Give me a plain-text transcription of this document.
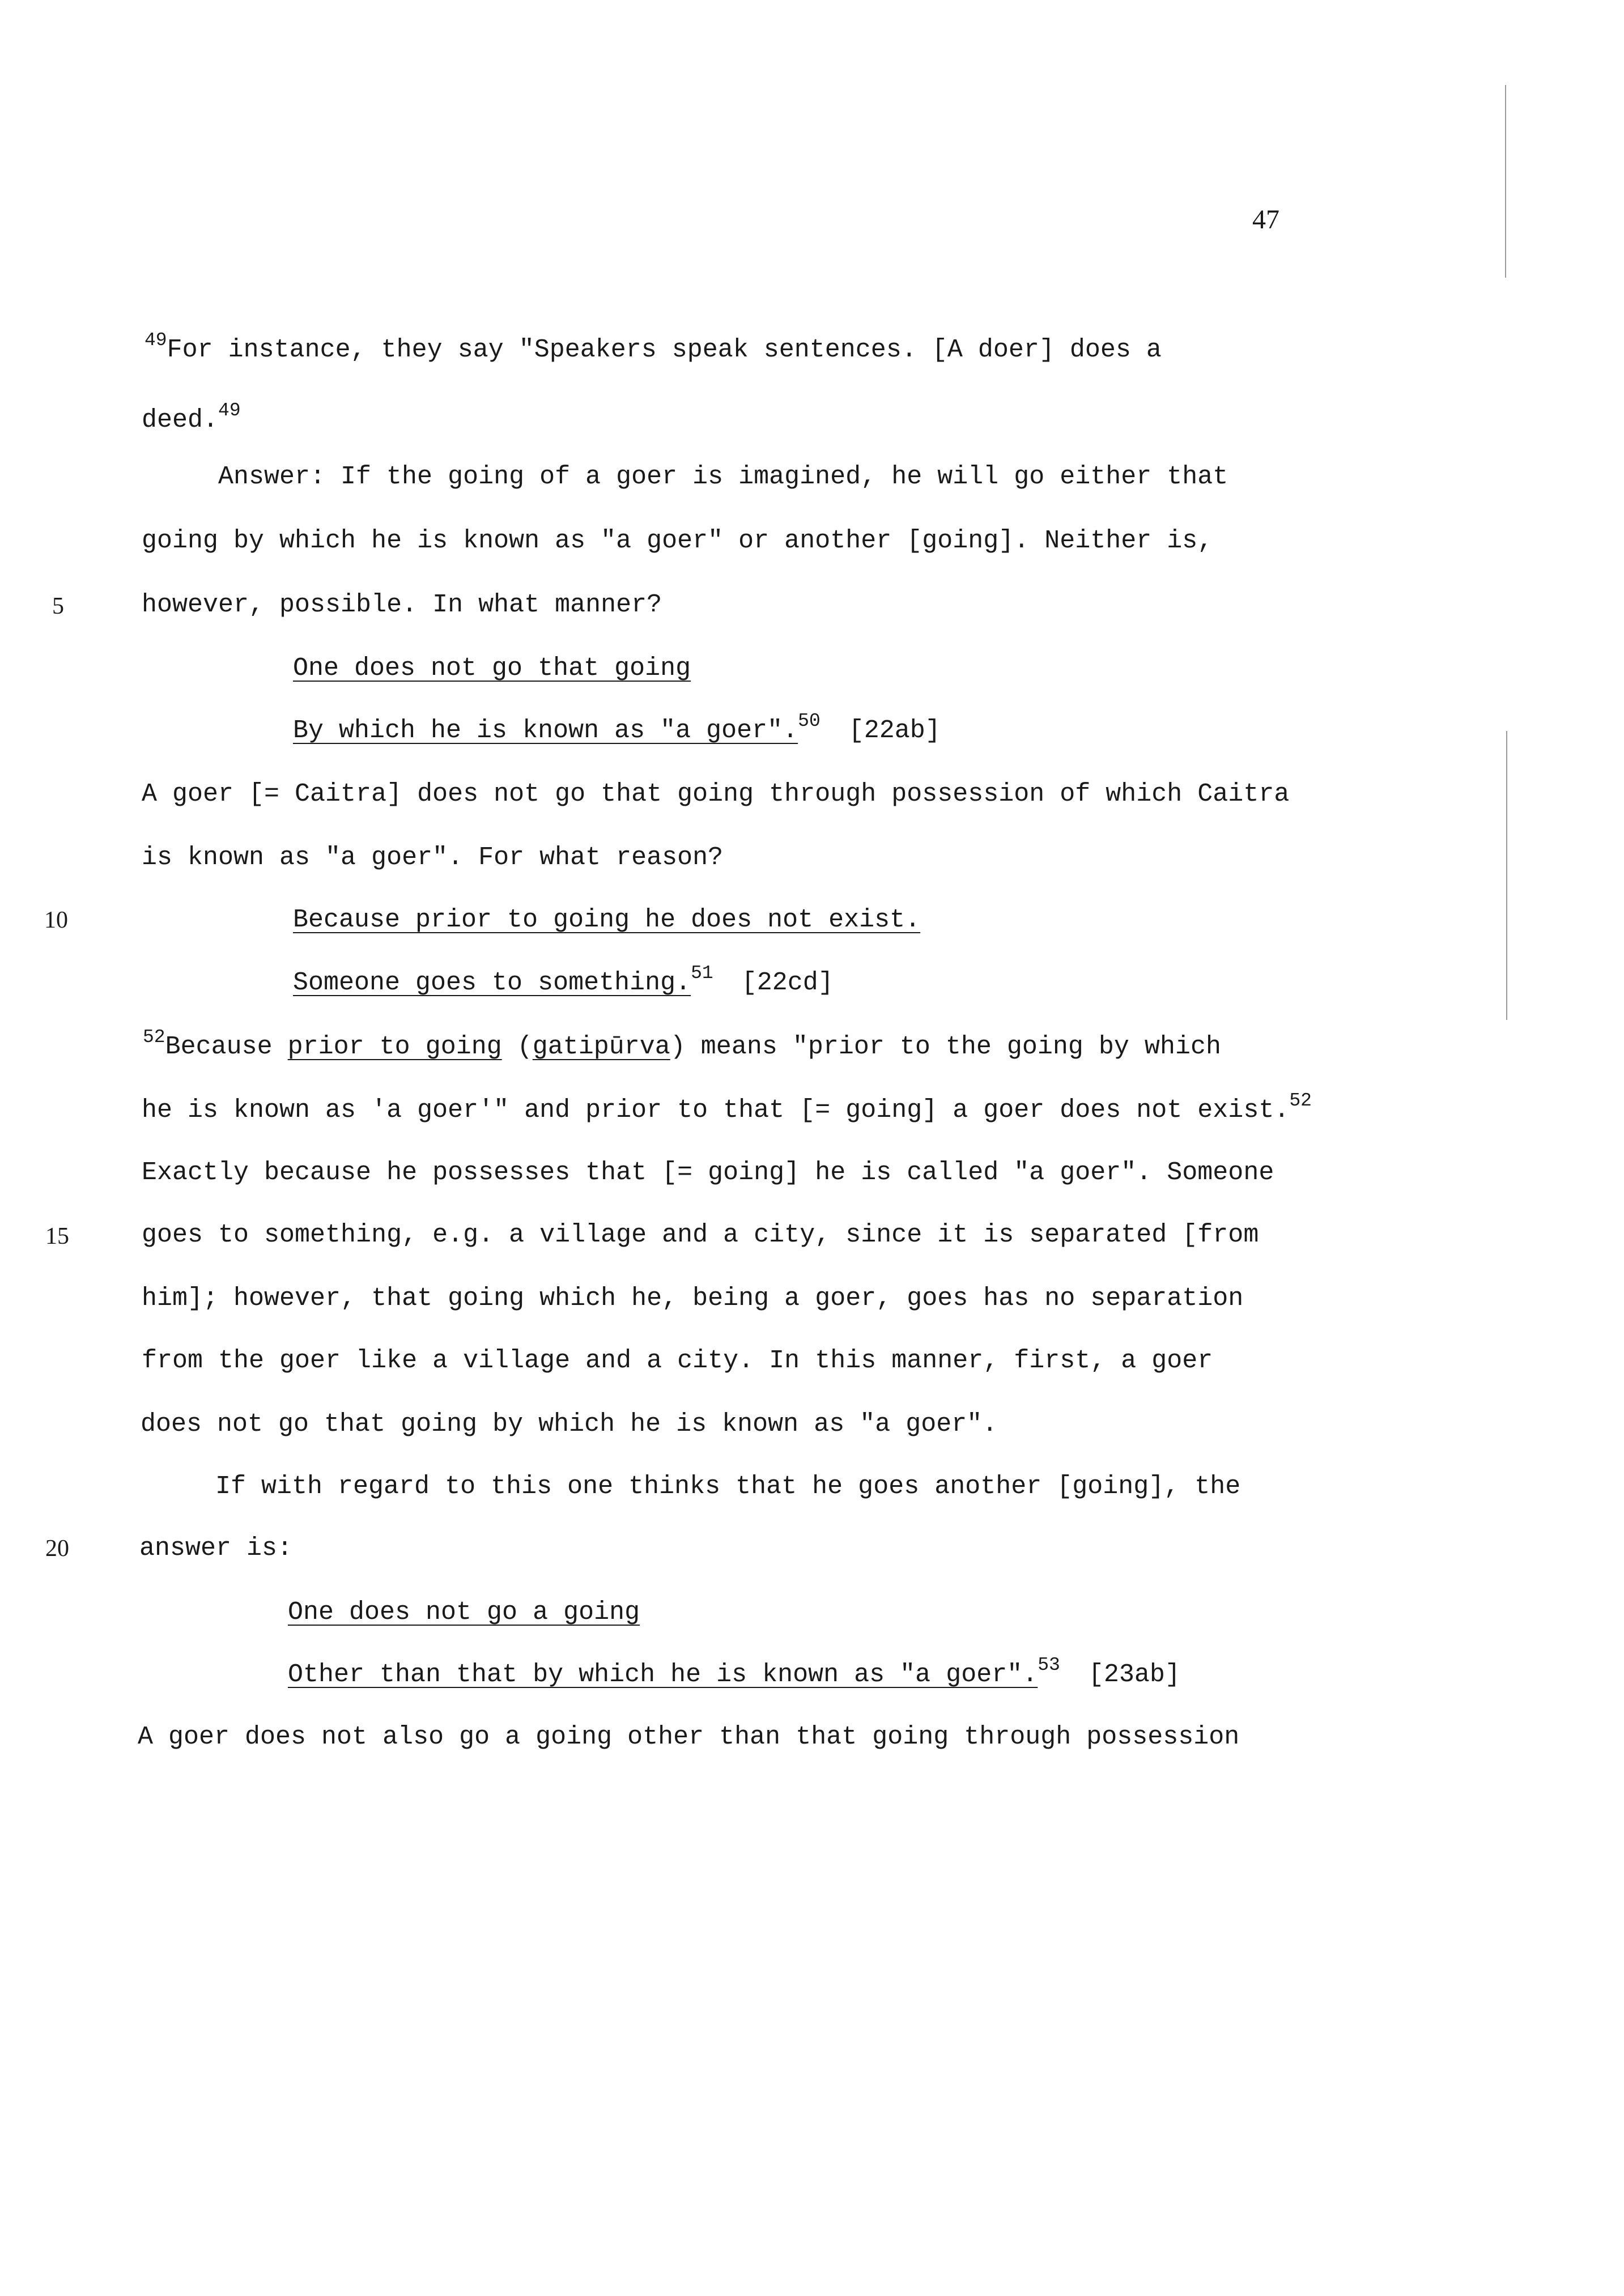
47
$^{49}$For instance, they say "Speakers speak sentences. [A doer] does a
deed.$^{49}$
Answer: If the going of a goer is imagined, he will go either that
going by which he is known as "a goer" or another [going]. Neither is,
5	however, possible. In what manner?
One does not go that going
By which he is known as "a goer".$^{50}$ [22ab]
A goer [= Caitra] does not go that going through possession of which Caitra
is known as "a goer". For what reason?
10	Because prior to going he does not exist.
Someone goes to something.$^{51}$ [22cd]
$^{52}$Because prior to going (gatipūrva) means "prior to the going by which
he is known as 'a goer'" and prior to that [= going] a goer does not exist.$^{52}$
Exactly because he possesses that [= going] he is called "a goer". Someone
15	goes to something, e.g. a village and a city, since it is separated [from
him]; however, that going which he, being a goer, goes has no separation
from the goer like a village and a city. In this manner, first, a goer
does not go that going by which he is known as "a goer".
If with regard to this one thinks that he goes another [going], the
20	answer is:
One does not go a going
Other than that by which he is known as "a goer".$^{53}$ [23ab]
A goer does not also go a going other than that going through possession
